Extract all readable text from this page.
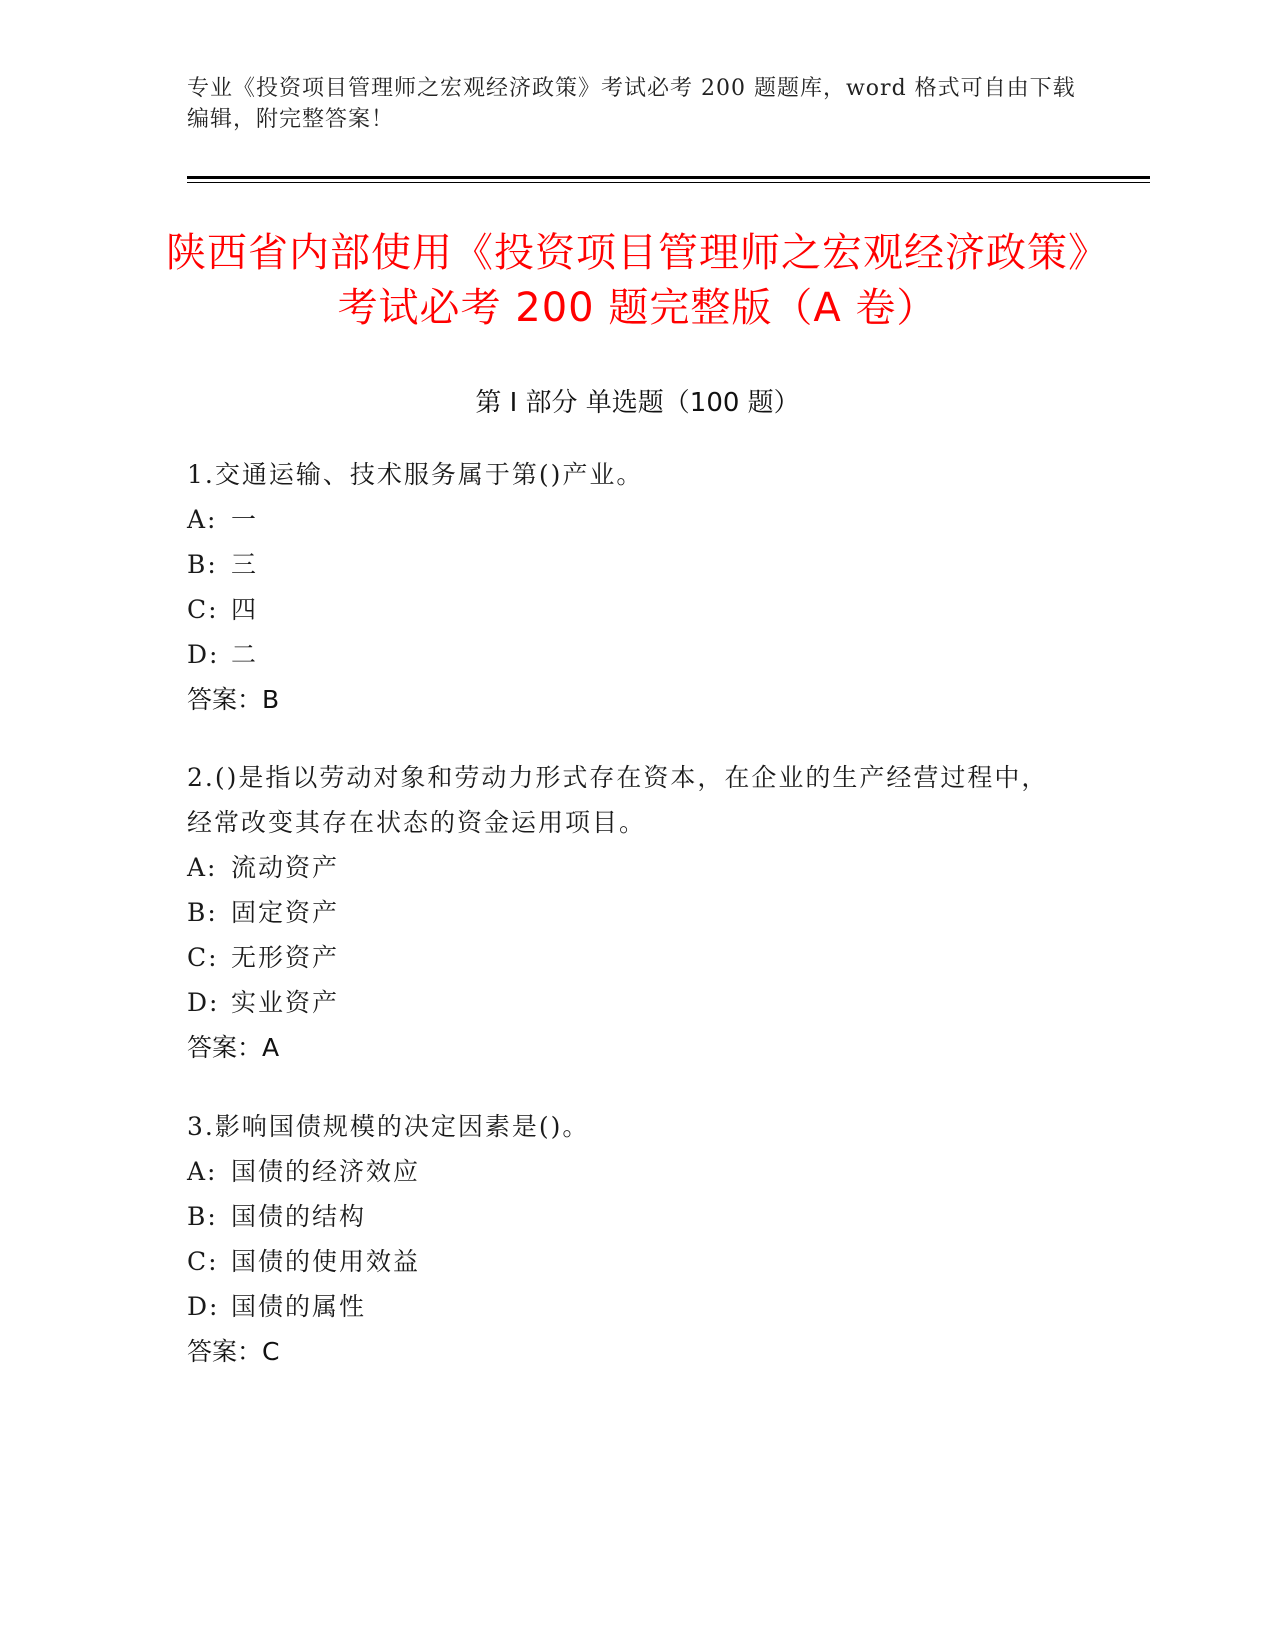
专业《投资项目管理师之宏观经济政策》考试必考 200 题题库，word 格式可自由下载编辑，附完整答案！
陕西省内部使用《投资项目管理师之宏观经济政策》考试必考 200 题完整版（A 卷）
第 I 部分 单选题（100 题）

1.交通运输、技术服务属于第()产业。

A: 一

B: 三

C: 四

D: 二

答案：B

2.()是指以劳动对象和劳动力形式存在资本，在企业的生产经营过程中，经常改变其存在状态的资金运用项目。

A: 流动资产

B: 固定资产

C: 无形资产

D: 实业资产

答案：A

3.影响国债规模的决定因素是()。

A: 国债的经济效应

B: 国债的结构

C: 国债的使用效益

D: 国债的属性

答案：C
